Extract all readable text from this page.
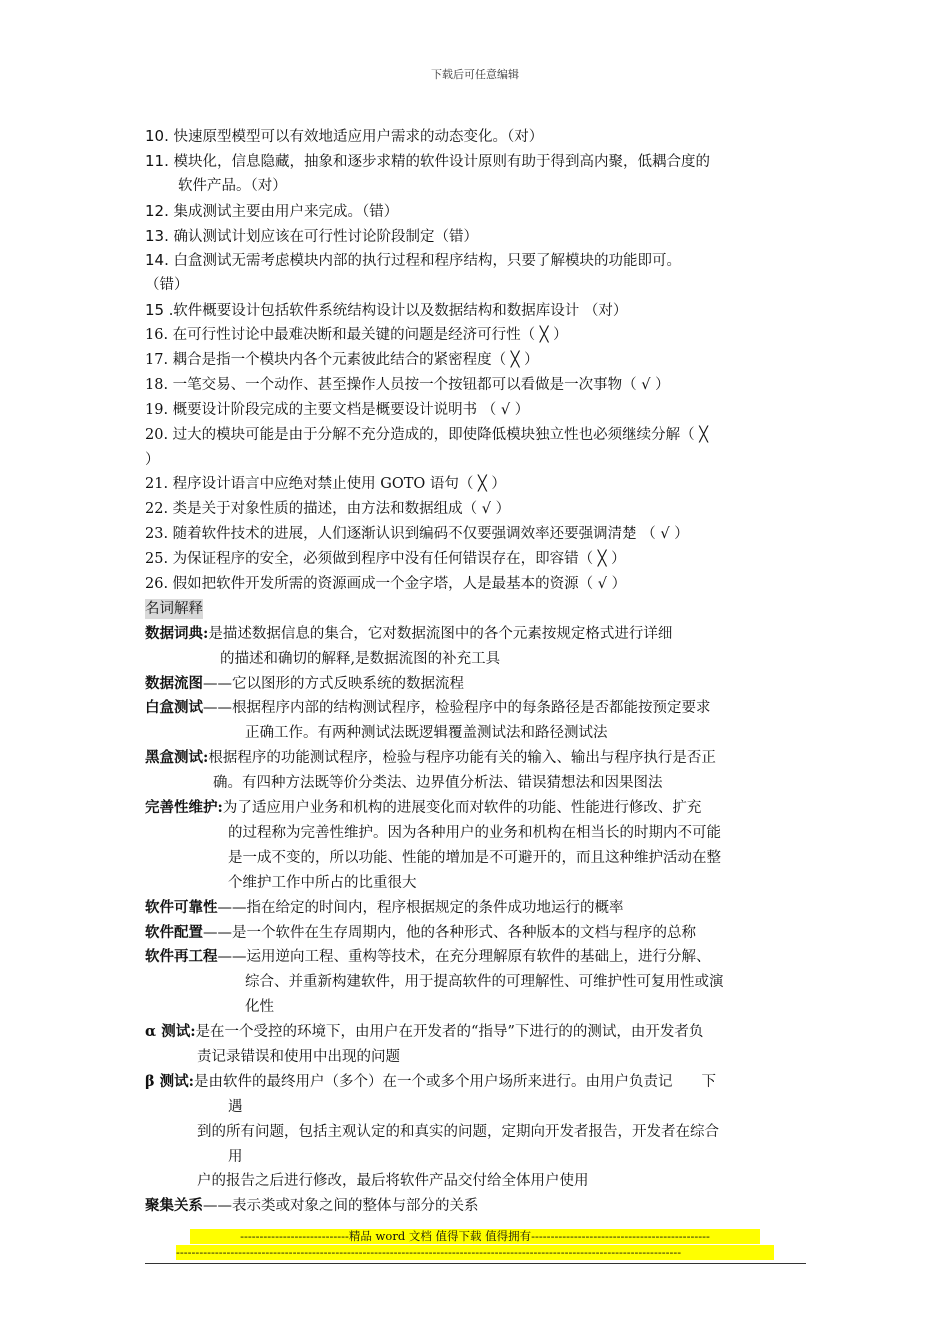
下载后可任意编辑
10. 快速原型模型可以有效地适应用户需求的动态变化。（对）
11. 模块化，信息隐藏，抽象和逐步求精的软件设计原则有助于得到高内聚，低耦合度的
软件产品。（对）
12. 集成测试主要由用户来完成。（错）
13. 确认测试计划应该在可行性讨论阶段制定（错）
14. 白盒测试无需考虑模块内部的执行过程和程序结构，只要了解模块的功能即可。
（错）
15 .软件概要设计包括软件系统结构设计以及数据结构和数据库设计 （对）
16. 在可行性讨论中最难决断和最关键的问题是经济可行性（ ╳ ）
17. 耦合是指一个模块内各个元素彼此结合的紧密程度（ ╳ ）
18. 一笔交易、一个动作、甚至操作人员按一个按钮都可以看做是一次事物（ √ ）
19. 概要设计阶段完成的主要文档是概要设计说明书 （ √ ）
20. 过大的模块可能是由于分解不充分造成的，即使降低模块独立性也必须继续分解（ ╳
）
21. 程序设计语言中应绝对禁止使用 GOTO 语句（ ╳ ）
22. 类是关于对象性质的描述，由方法和数据组成（ √ ）
23. 随着软件技术的进展，人们逐渐认识到编码不仅要强调效率还要强调清楚 （ √ ）
25. 为保证程序的安全，必须做到程序中没有任何错误存在，即容错（ ╳ ）
26. 假如把软件开发所需的资源画成一个金字塔，人是最基本的资源（ √ ）
名词解释
数据词典:是描述数据信息的集合，它对数据流图中的各个元素按规定格式进行详细
的描述和确切的解释,是数据流图的补充工具
数据流图——它以图形的方式反映系统的数据流程
白盒测试——根据程序内部的结构测试程序，检验程序中的每条路径是否都能按预定要求
正确工作。有两种测试法既逻辑覆盖测试法和路径测试法
黑盒测试:根据程序的功能测试程序，检验与程序功能有关的输入、输出与程序执行是否正
确。有四种方法既等价分类法、边界值分析法、错误猜想法和因果图法
完善性维护:为了适应用户业务和机构的进展变化而对软件的功能、性能进行修改、扩充
的过程称为完善性维护。因为各种用户的业务和机构在相当长的时期内不可能
是一成不变的，所以功能、性能的增加是不可避开的，而且这种维护活动在整
个维护工作中所占的比重很大
软件可靠性——指在给定的时间内，程序根据规定的条件成功地运行的概率
软件配置——是一个软件在生存周期内，他的各种形式、各种版本的文档与程序的总称
软件再工程——运用逆向工程、重构等技术，在充分理解原有软件的基础上，进行分解、
综合、并重新构建软件，用于提高软件的可理解性、可维护性可复用性或演
化性
α 测试:是在一个受控的环境下，由用户在开发者的“指导”下进行的的测试，由开发者负
责记录错误和使用中出现的问题
β 测试:是由软件的最终用户（多个）在一个或多个用户场所来进行。由用户负责记　　下
遇
到的所有问题，包括主观认定的和真实的问题，定期向开发者报告，开发者在综合
用
户的报告之后进行修改，最后将软件产品交付给全体用户使用
聚集关系——表示类或对象之间的整体与部分的关系
----------------------------精品 word 文档 值得下载 值得拥有----------------------------------------------
----------------------------------------------------------------------------------------------------------------------------------
